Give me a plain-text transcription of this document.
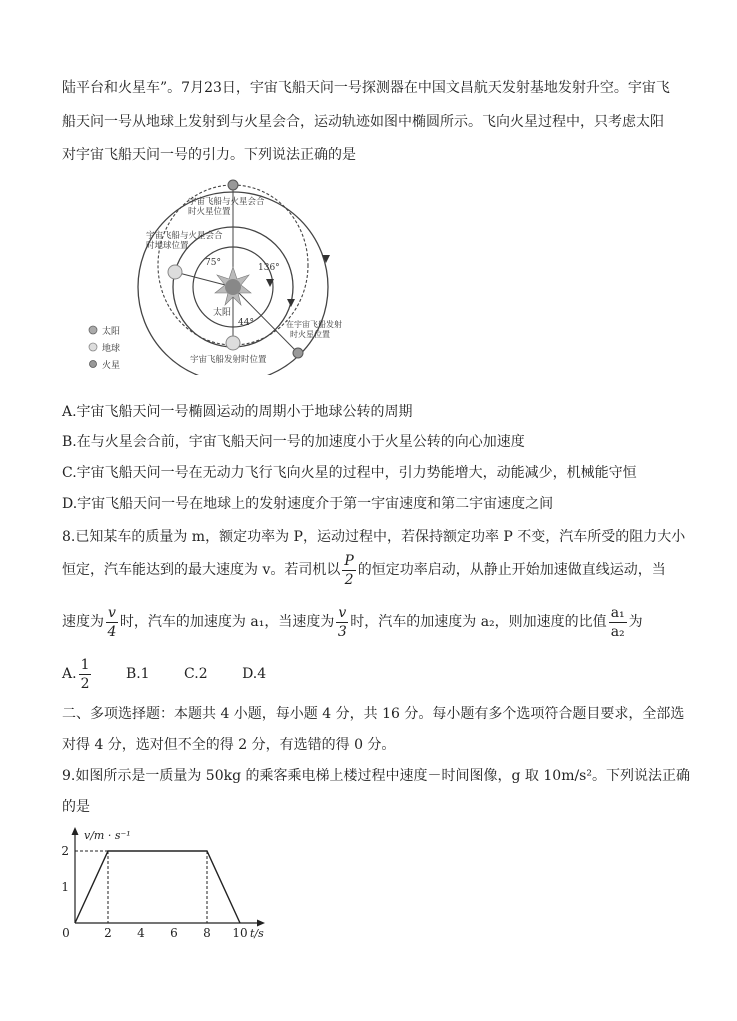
陆平台和火星车”。7月23日，宇宙飞船天问一号探测器在中国文昌航天发射基地发射升空。宇宙飞
船天问一号从地球上发射到与火星会合，运动轨迹如图中椭圆所示。飞向火星过程中，只考虑太阳
对宇宙飞船天问一号的引力。下列说法正确的是
宇宙飞船与火星会合
时火星位置
宇宙飞船与火星会合
时地球位置
75°	136°
44°
太阳
在宇宙飞船发射
时火星位置
宇宙飞船发射时位置
太阳
地球
火星
A.宇宙飞船天问一号椭圆运动的周期小于地球公转的周期
B.在与火星会合前，宇宙飞船天问一号的加速度小于火星公转的向心加速度
C.宇宙飞船天问一号在无动力飞行飞向火星的过程中，引力势能增大，动能减少，机械能守恒
D.宇宙飞船天问一号在地球上的发射速度介于第一宇宙速度和第二宇宙速度之间
8.已知某车的质量为 m，额定功率为 P，运动过程中，若保持额定功率 P 不变，汽车所受的阻力大小
恒定，汽车能达到的最大速度为 v。若司机以 $\frac{P}{2}$ 的恒定功率启动，从静止开始加速做直线运动，当
速度为 $\frac{v}{4}$ 时，汽车的加速度为 a₁，当速度为 $\frac{v}{3}$ 时，汽车的加速度为 a₂，则加速度的比值 $\frac{\text{a₁}}{\text{a₂}}$ 为
A. $\frac{1}{2} B.1$ C.2 D.4
二、多项选择题：本题共 4 小题，每小题 4 分，共 16 分。每小题有多个选项符合题目要求，全部选
对得 4 分，选对但不全的得 2 分，有选错的得 0 分。
9.如图所示是一质量为 50kg 的乘客乘电梯上楼过程中速度－时间图像，g 取 10m/s²。下列说法正确
的是
v/m · s⁻¹
t/s
0	2 4 6 8 10
1
2
